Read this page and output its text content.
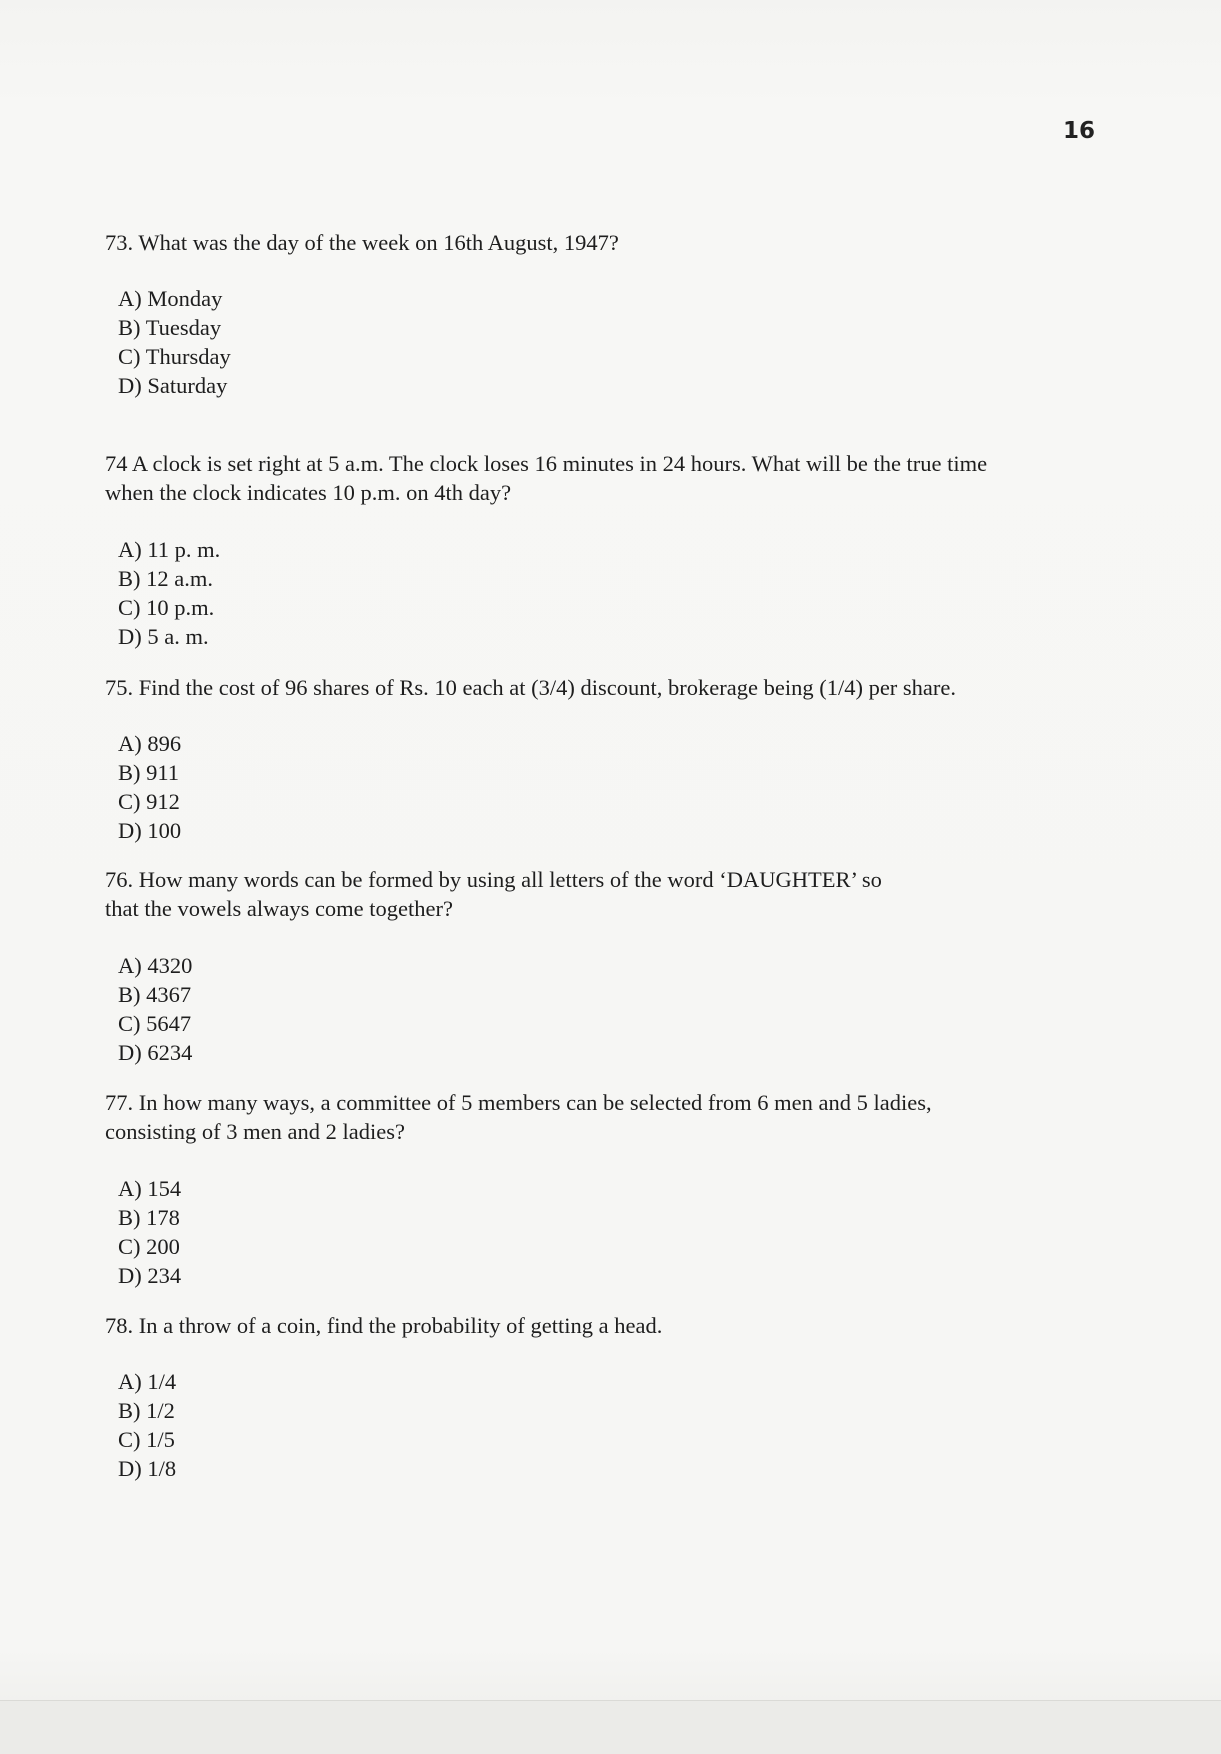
16
73. What was the day of the week on 16th August, 1947?
A) Monday
B) Tuesday
C) Thursday
D) Saturday
74 A clock is set right at 5 a.m. The clock loses 16 minutes in 24 hours. What will be the true time
when the clock indicates 10 p.m. on 4th day?
A) 11 p. m.
B) 12 a.m.
C) 10 p.m.
D) 5 a. m.
75. Find the cost of 96 shares of Rs. 10 each at (3/4) discount, brokerage being (1/4) per share.
A) 896
B) 911
C) 912
D) 100
76. How many words can be formed by using all letters of the word ‘DAUGHTER’ so
that the vowels always come together?
A) 4320
B) 4367
C) 5647
D) 6234
77. In how many ways, a committee of 5 members can be selected from 6 men and 5 ladies,
consisting of 3 men and 2 ladies?
A) 154
B) 178
C) 200
D) 234
78. In a throw of a coin, find the probability of getting a head.
A) 1/4
B) 1/2
C) 1/5
D) 1/8
